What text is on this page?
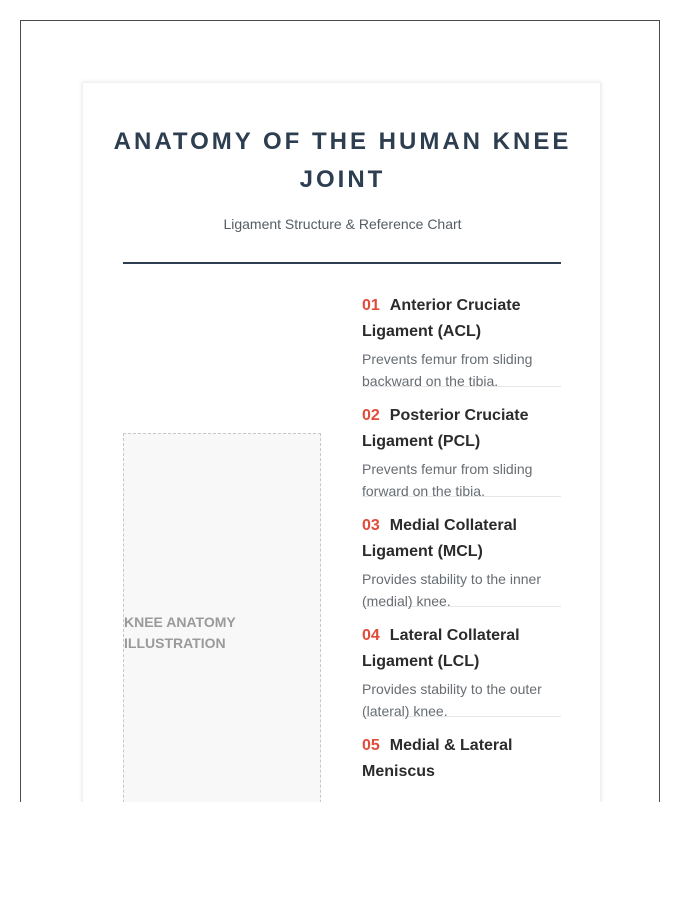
ANATOMY OF THE HUMAN KNEE JOINT
Ligament Structure & Reference Chart
KNEE ANATOMY ILLUSTRATION
01 Anterior Cruciate Ligament (ACL)
Prevents femur from sliding backward on the tibia.
02 Posterior Cruciate Ligament (PCL)
Prevents femur from sliding forward on the tibia.
03 Medial Collateral Ligament (MCL)
Provides stability to the inner (medial) knee.
04 Lateral Collateral Ligament (LCL)
Provides stability to the outer (lateral) knee.
05 Medial & Lateral Meniscus
